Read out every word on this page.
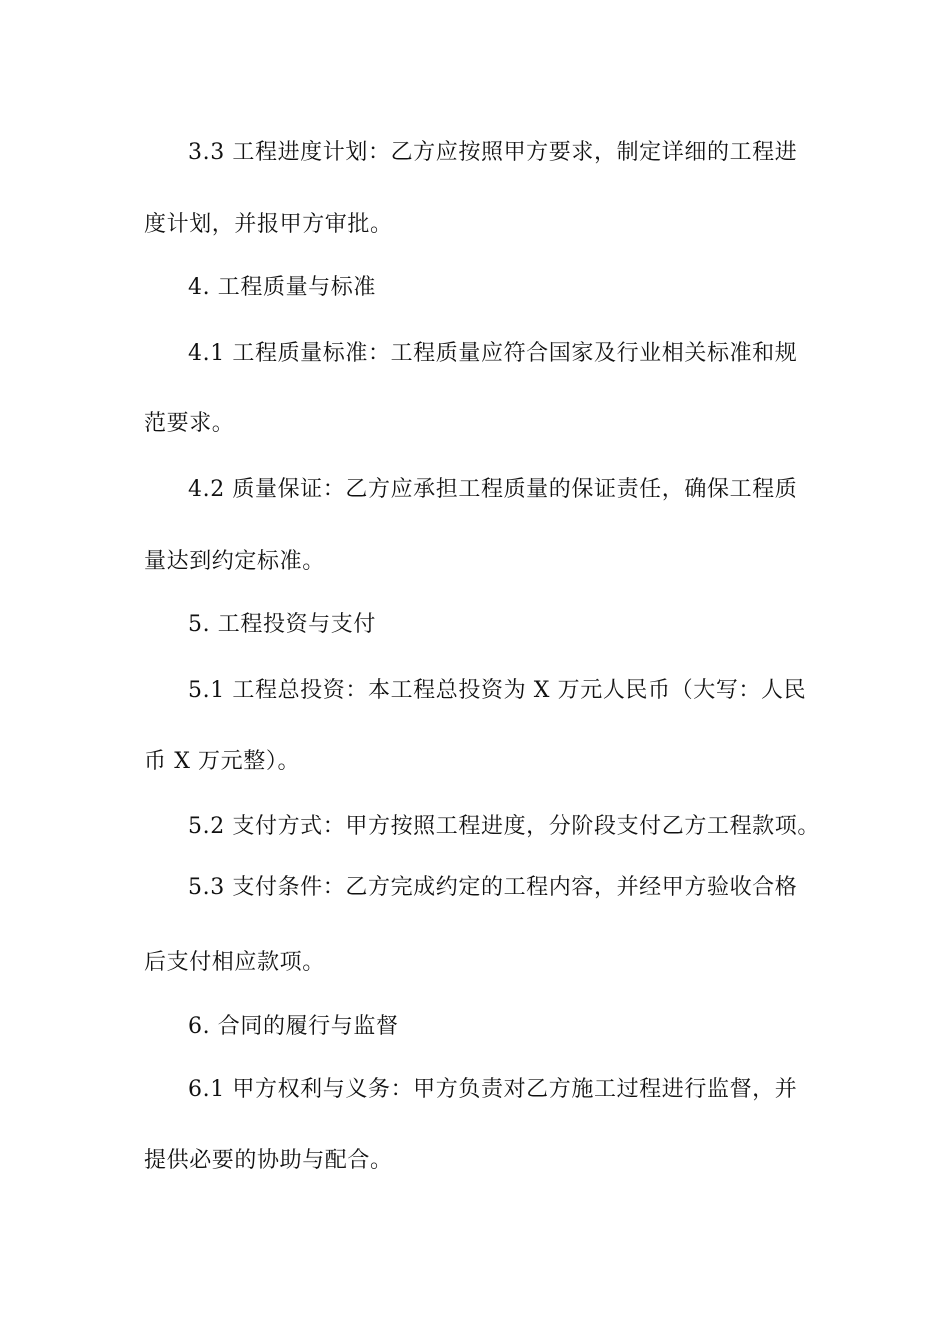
3.3 工程进度计划：乙方应按照甲方要求，制定详细的工程进
度计划，并报甲方审批。
4. 工程质量与标准
4.1 工程质量标准：工程质量应符合国家及行业相关标准和规
范要求。
4.2 质量保证：乙方应承担工程质量的保证责任，确保工程质
量达到约定标准。
5. 工程投资与支付
5.1 工程总投资：本工程总投资为 X 万元人民币（大写：人民
币 X 万元整）。
5.2 支付方式：甲方按照工程进度，分阶段支付乙方工程款项。
5.3 支付条件：乙方完成约定的工程内容，并经甲方验收合格
后支付相应款项。
6. 合同的履行与监督
6.1 甲方权利与义务：甲方负责对乙方施工过程进行监督，并
提供必要的协助与配合。
